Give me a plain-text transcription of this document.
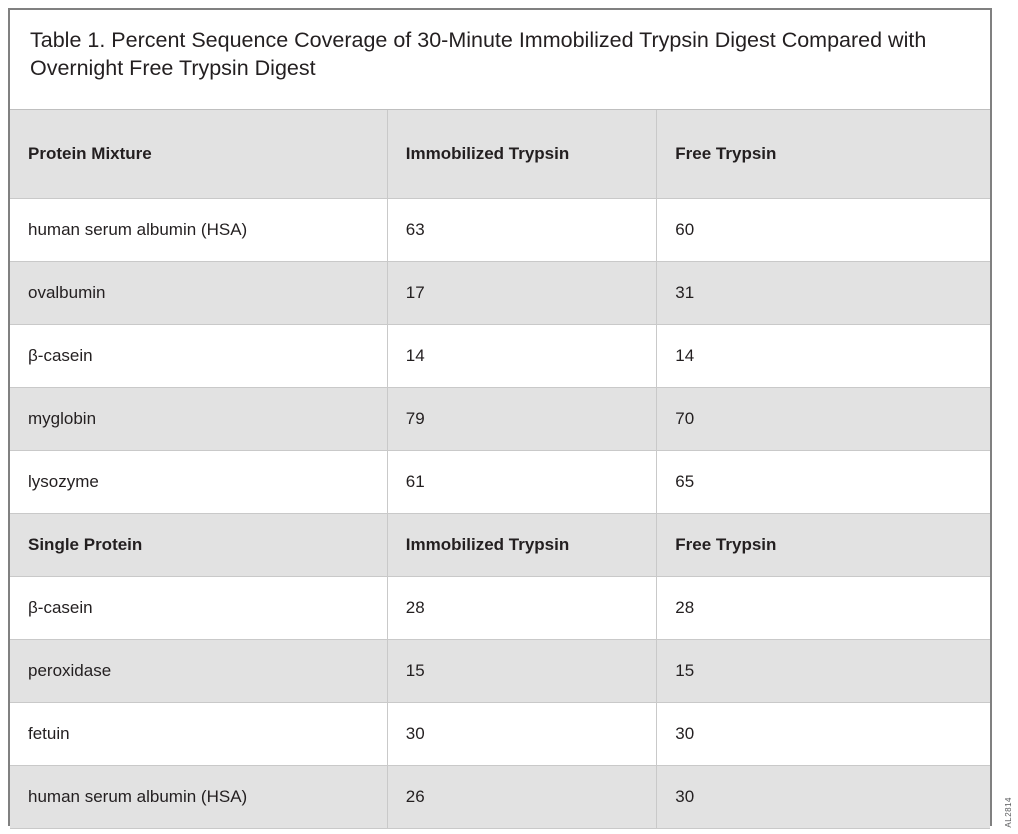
Table 1. Percent Sequence Coverage of 30-Minute Immobilized Trypsin Digest Compared with Overnight Free Trypsin Digest
Protein Mixture	Immobilized Trypsin	Free Trypsin
human serum albumin (HSA)	63	60
ovalbumin	17	31
β-casein	14	14
myglobin	79	70
lysozyme	61	65
Single Protein	Immobilized Trypsin	Free Trypsin
β-casein	28	28
peroxidase	15	15
fetuin	30	30
human serum albumin (HSA)	26	30
AL2814
